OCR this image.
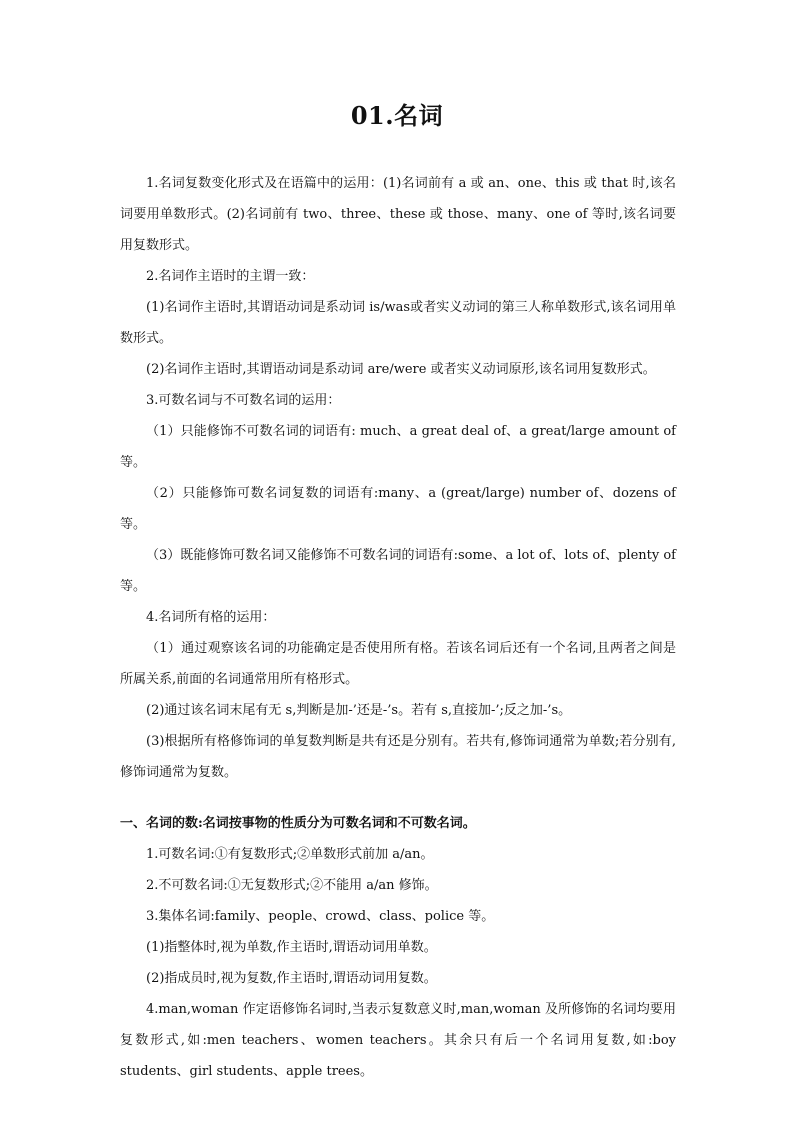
01.名词

1.名词复数变化形式及在语篇中的运用：(1)名词前有 a 或 an、one、this 或 that 时,该名词要用单数形式。(2)名词前有 two、three、these 或 those、many、one of 等时,该名词要用复数形式。

2.名词作主语时的主谓一致：

(1)名词作主语时,其谓语动词是系动词 is/was或者实义动词的第三人称单数形式,该名词用单数形式。

(2)名词作主语时,其谓语动词是系动词 are/were 或者实义动词原形,该名词用复数形式。

3.可数名词与不可数名词的运用：

（1）只能修饰不可数名词的词语有: much、a great deal of、a great/large amount of 等。

（2）只能修饰可数名词复数的词语有:many、a (great/large) number of、dozens of 等。

（3）既能修饰可数名词又能修饰不可数名词的词语有:some、a lot of、lots of、plenty of 等。

4.名词所有格的运用：

（1）通过观察该名词的功能确定是否使用所有格。若该名词后还有一个名词,且两者之间是所属关系,前面的名词通常用所有格形式。

(2)通过该名词末尾有无 s,判断是加-’还是-’s。若有 s,直接加-’;反之加-’s。

(3)根据所有格修饰词的单复数判断是共有还是分别有。若共有,修饰词通常为单数;若分别有,修饰词通常为复数。

一、名词的数:名词按事物的性质分为可数名词和不可数名词。

1.可数名词:①有复数形式;②单数形式前加 a/an。

2.不可数名词:①无复数形式;②不能用 a/an 修饰。

3.集体名词:family、people、crowd、class、police 等。

(1)指整体时,视为单数,作主语时,谓语动词用单数。

(2)指成员时,视为复数,作主语时,谓语动词用复数。

4.man,woman 作定语修饰名词时,当表示复数意义时,man,woman 及所修饰的名词均要用复数形式,如:men teachers、women teachers。其余只有后一个名词用复数,如:boy students、girl students、apple trees。
